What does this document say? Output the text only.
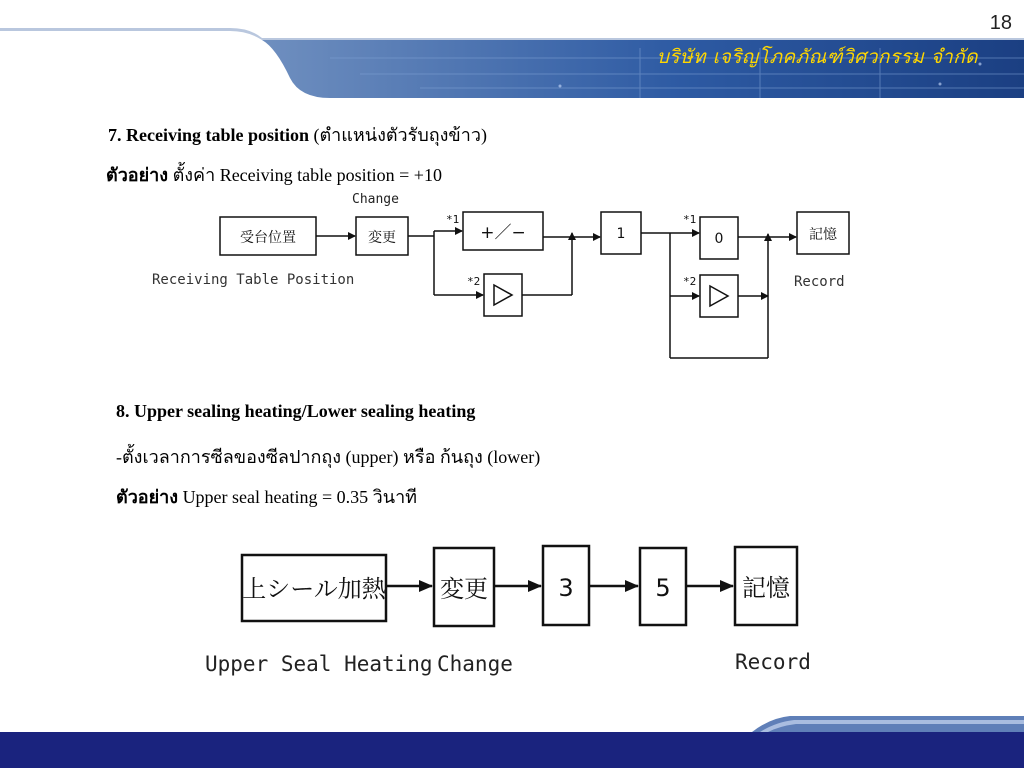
18
บริษัท เจริญโภคภัณฑ์วิศวกรรม จำกัด
7. Receiving table position (ตำแหน่งตัวรับถุงข้าว)
ตัวอย่าง ตั้งค่า Receiving table position = +10
Change
受台位置	変更	+／−	1	0	記憶
*1
*2
*1
*2
Receiving Table Position	Record
8. Upper sealing heating/Lower sealing heating
-ตั้งเวลาการซีลของซีลปากถุง (upper) หรือ ก้นถุง (lower)
ตัวอย่าง Upper seal heating = 0.35 วินาที
上シール加熱 変更	3	5	記憶
Upper Seal Heating Change	Record
